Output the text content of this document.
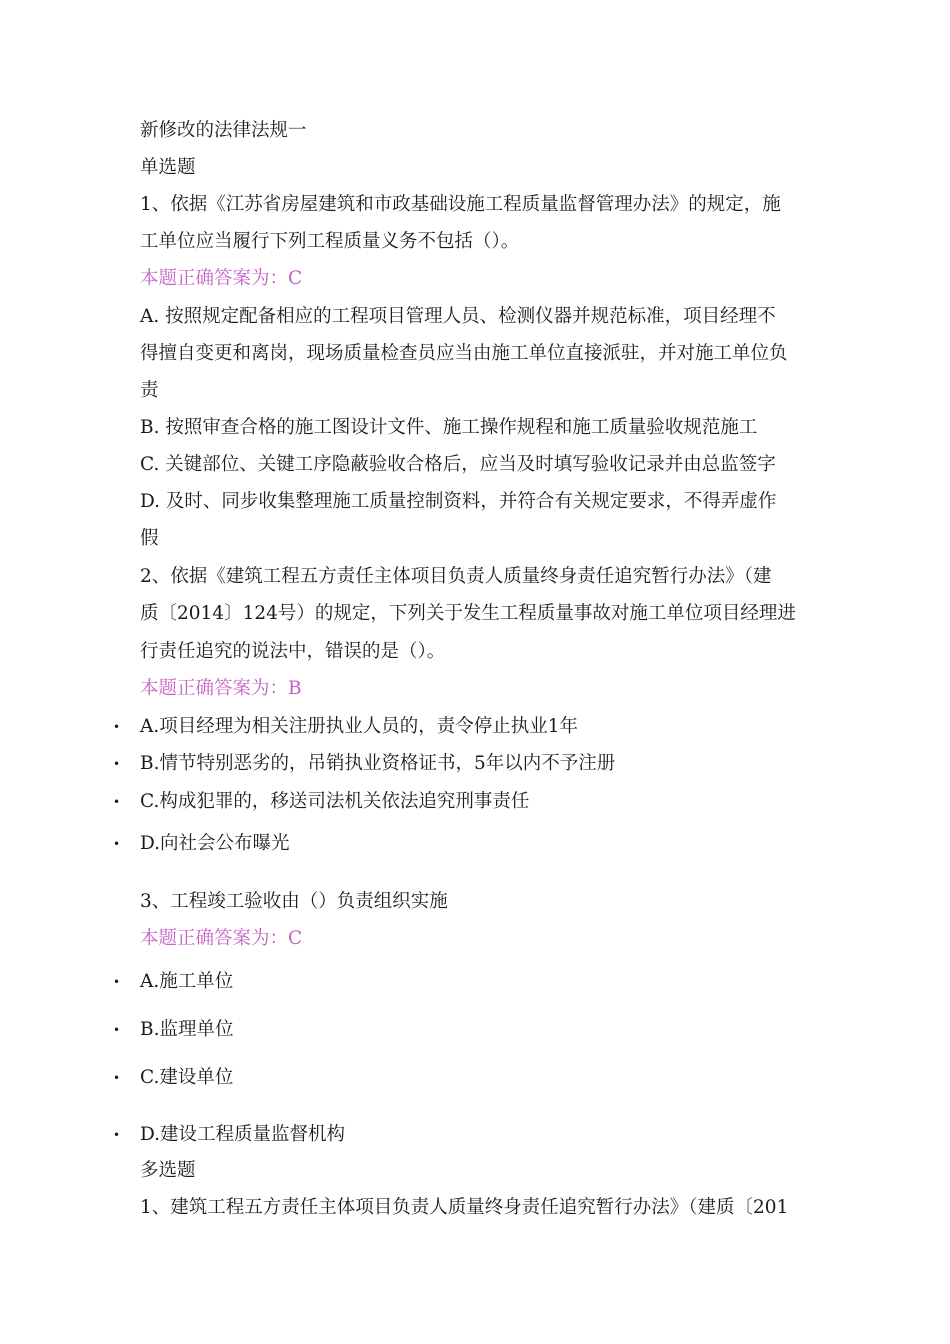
新修改的法律法规一
单选题
1、依据《江苏省房屋建筑和市政基础设施工程质量监督管理办法》的规定，施
工单位应当履行下列工程质量义务不包括（）。
本题正确答案为：C
A. 按照规定配备相应的工程项目管理人员、检测仪器并规范标准，项目经理不
得擅自变更和离岗，现场质量检查员应当由施工单位直接派驻，并对施工单位负
责
B. 按照审查合格的施工图设计文件、施工操作规程和施工质量验收规范施工
C. 关键部位、关键工序隐蔽验收合格后，应当及时填写验收记录并由总监签字
D. 及时、同步收集整理施工质量控制资料，并符合有关规定要求，不得弄虚作
假
2、依据《建筑工程五方责任主体项目负责人质量终身责任追究暂行办法》（建
质〔2014〕124号）的规定，下列关于发生工程质量事故对施工单位项目经理进
行责任追究的说法中，错误的是（）。
本题正确答案为：B
• A.项目经理为相关注册执业人员的，责令停止执业1年
• B.情节特别恶劣的，吊销执业资格证书，5年以内不予注册
• C.构成犯罪的，移送司法机关依法追究刑事责任
• D.向社会公布曝光
3、工程竣工验收由（）负责组织实施
本题正确答案为：C
• A.施工单位
• B.监理单位
• C.建设单位
• D.建设工程质量监督机构
多选题
1、建筑工程五方责任主体项目负责人质量终身责任追究暂行办法》（建质〔201
